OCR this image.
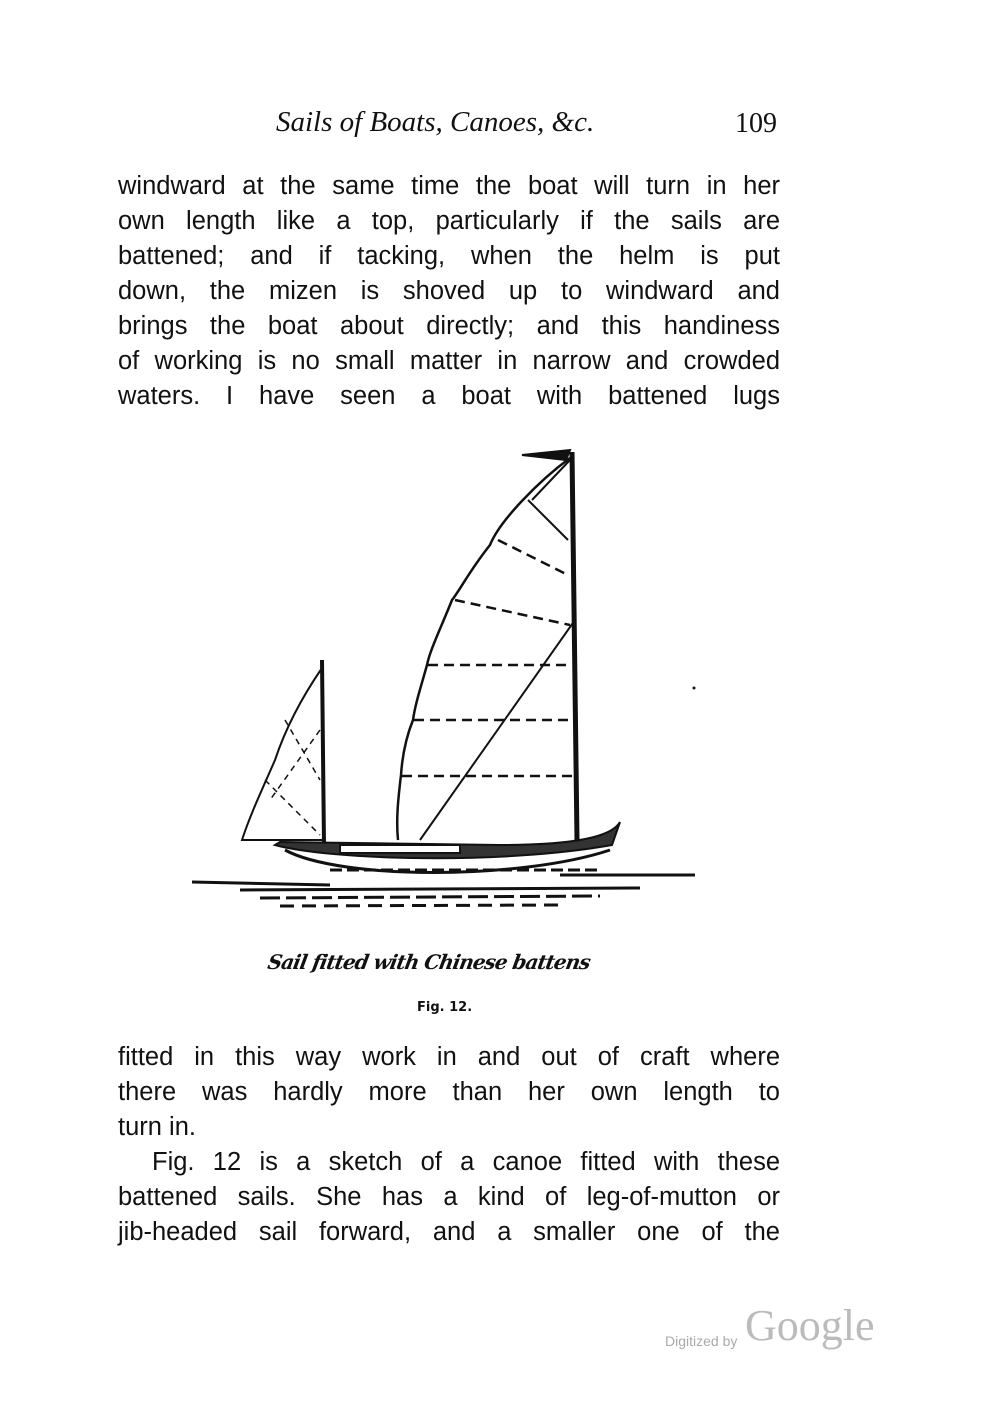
Sails of Boats, Canoes, &c.	109
windward at the same time the boat will turn in her
own length like a top, particularly if the sails are
battened; and if tacking, when the helm is put
down, the mizen is shoved up to windward and
brings the boat about directly; and this handiness
of working is no small matter in narrow and crowded
waters. I have seen a boat with battened lugs
Sail fitted with Chinese battens
Fig. 12.
fitted in this way work in and out of craft where
there was hardly more than her own length to
turn in.
Fig. 12 is a sketch of a canoe fitted with these
battened sails. She has a kind of leg-of-mutton or
jib-headed sail forward, and a smaller one of the
Digitized by Google
